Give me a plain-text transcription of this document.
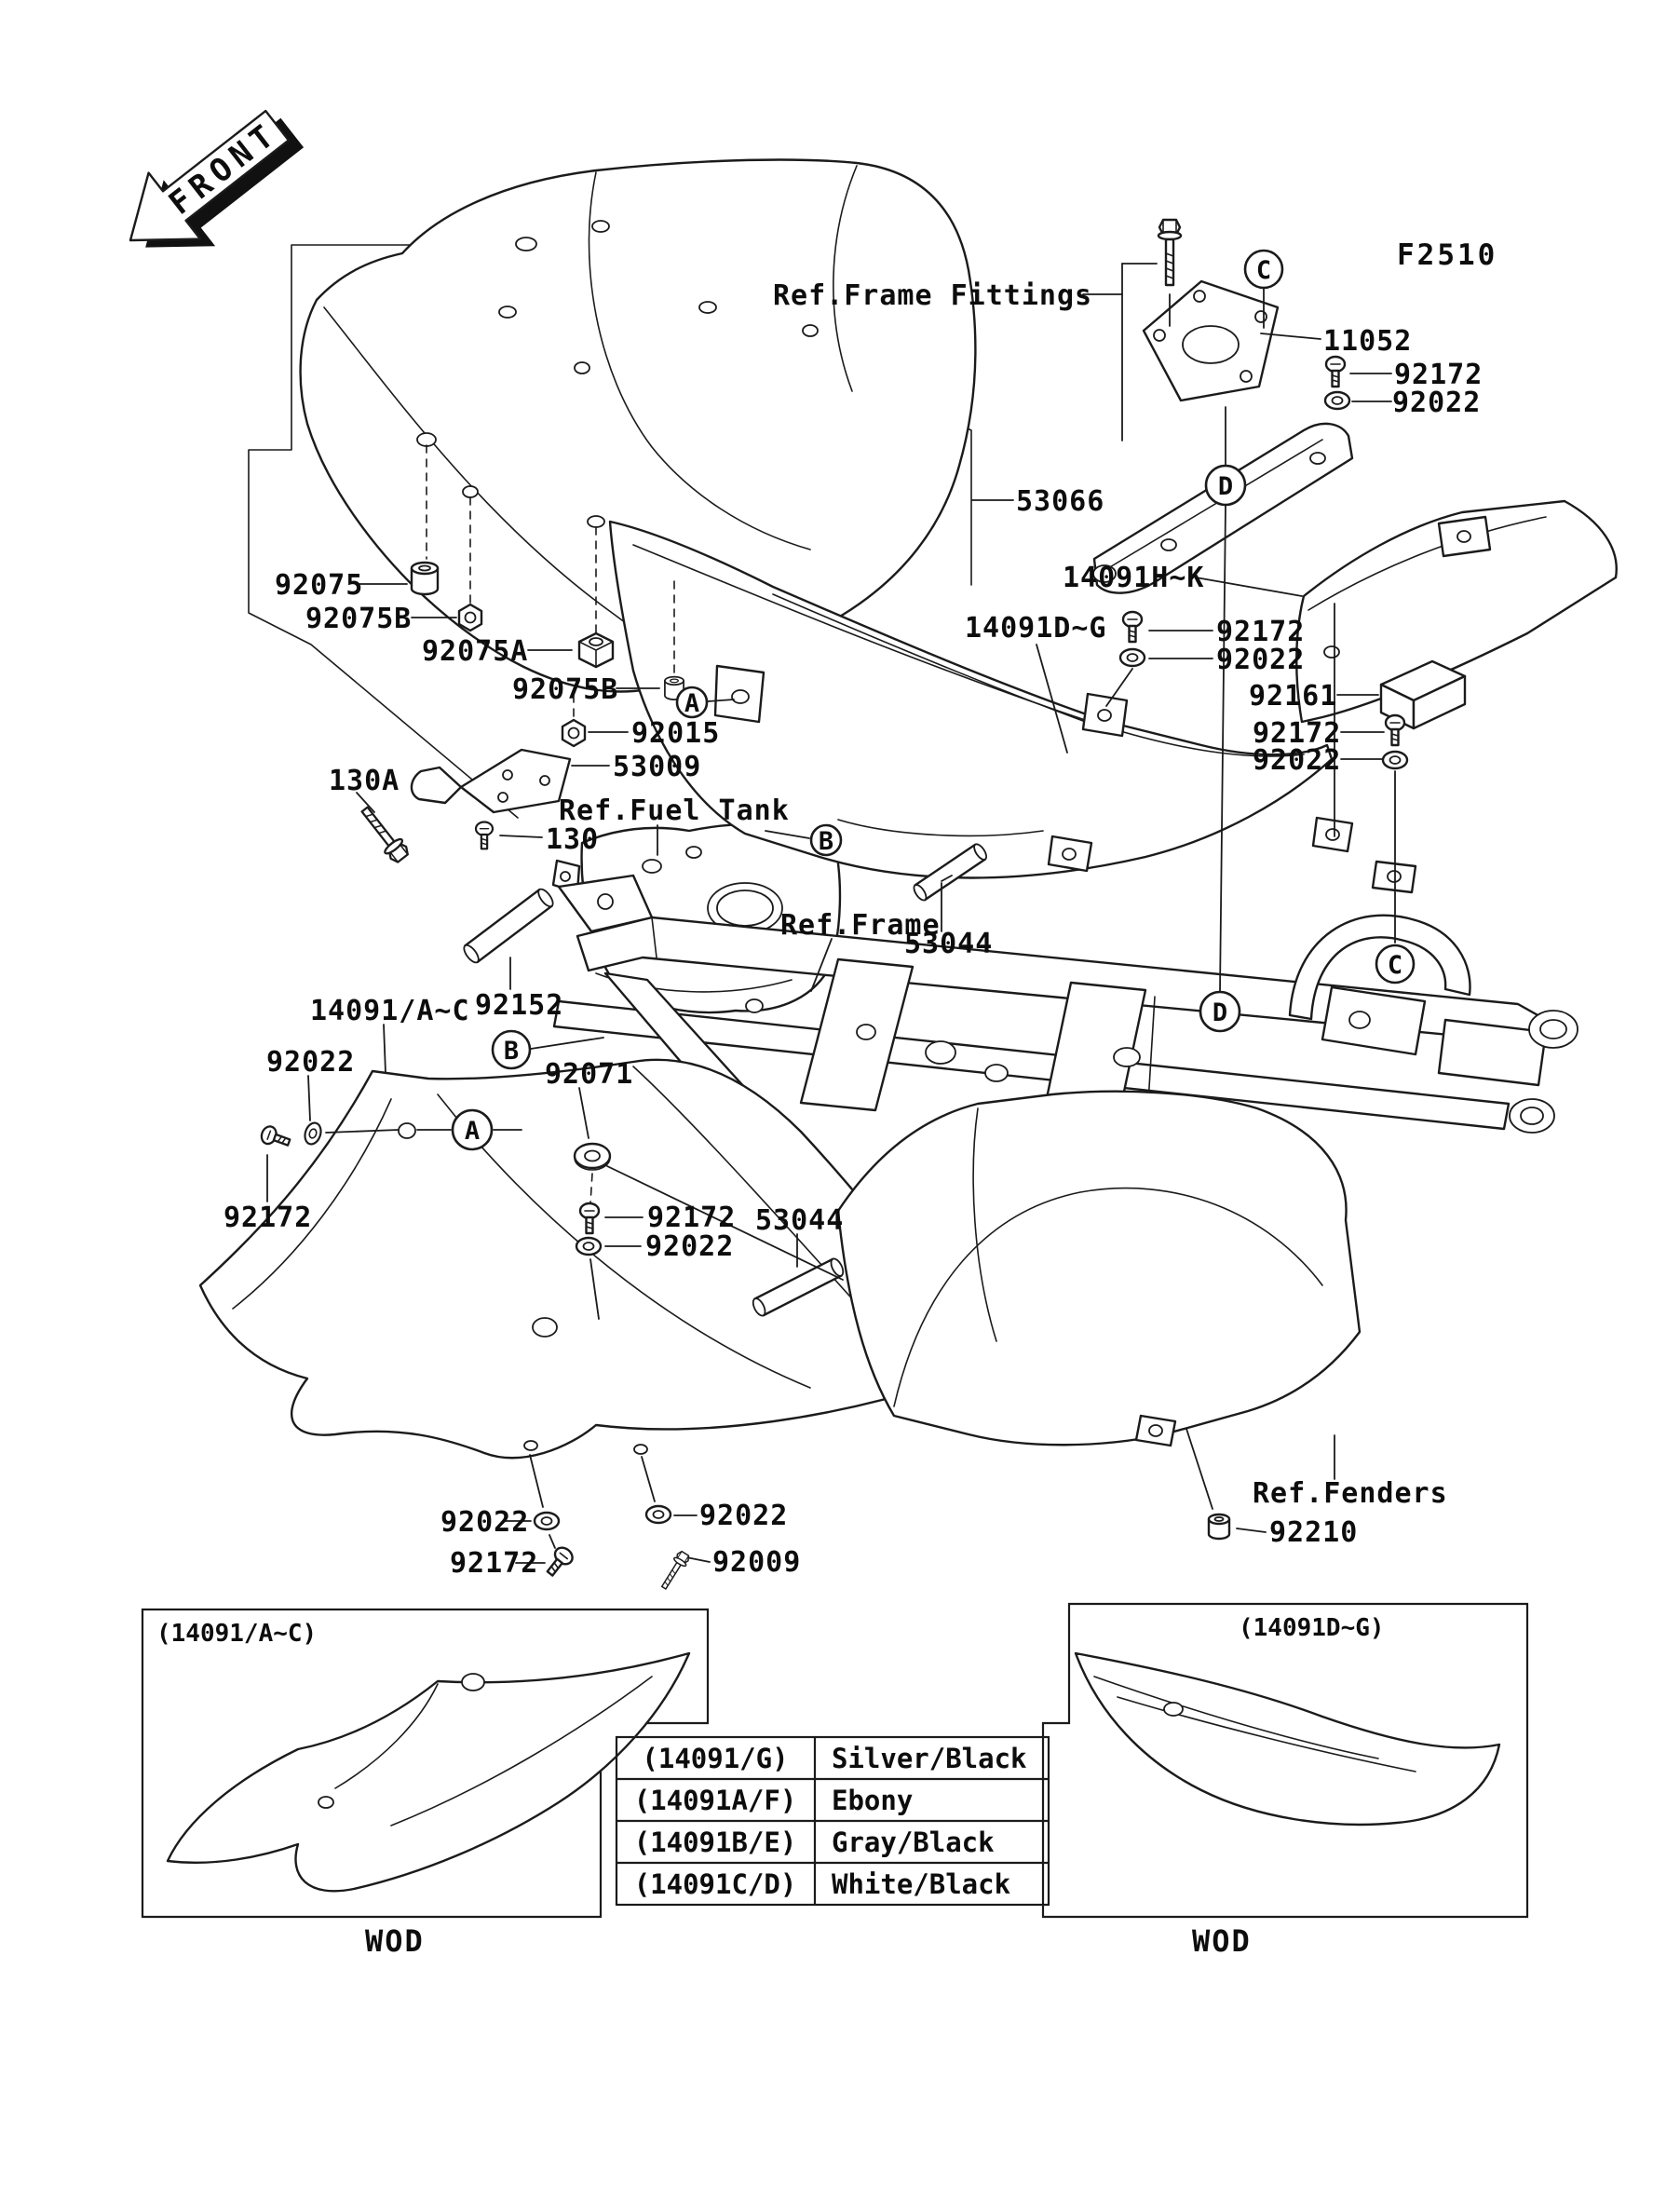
FRONT
F2510
(14091/A~C)
WOD
(14091D~G)
WOD
(14091/G) Silver/Black
(14091A/F) Ebony
(14091B/E) Gray/Black
(14091C/D) White/Black
Ref.Frame Fittings
11052
92172
92022
53066
14091H~K
14091D~G	92172
92022
92161
92172
92022
92075
92075B
92075A
92075B
92015
53009
130A
130
Ref.Fuel Tank
Ref.Frame
53044
92152
14091/A~C
92022
92172
92071
92172
92022
53044
Ref.Fenders
92210
92022
92172
92022
92009
A
A
B
B
C
C
D
D
